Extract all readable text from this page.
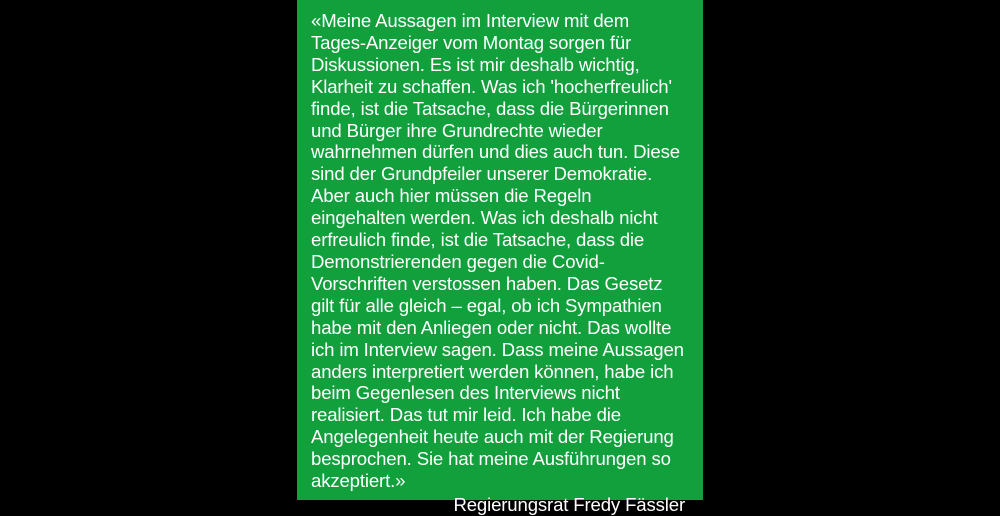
«Meine Aussagen im Interview mit dem Tages-Anzeiger vom Montag sorgen für Diskussionen. Es ist mir deshalb wichtig, Klarheit zu schaffen. Was ich 'hocherfreulich' finde, ist die Tatsache, dass die Bürgerinnen und Bürger ihre Grundrechte wieder wahrnehmen dürfen und dies auch tun. Diese sind der Grundpfeiler unserer Demokratie. Aber auch hier müssen die Regeln eingehalten werden. Was ich deshalb nicht erfreulich finde, ist die Tatsache, dass die Demonstrierenden gegen die Covid-Vorschriften verstossen haben. Das Gesetz gilt für alle gleich – egal, ob ich Sympathien habe mit den Anliegen oder nicht. Das wollte ich im Interview sagen. Dass meine Aussagen anders interpretiert werden können, habe ich beim Gegenlesen des Interviews nicht realisiert. Das tut mir leid. Ich habe die Angelegenheit heute auch mit der Regierung besprochen. Sie hat meine Ausführungen so akzeptiert.»

Regierungsrat Fredy Fässler
